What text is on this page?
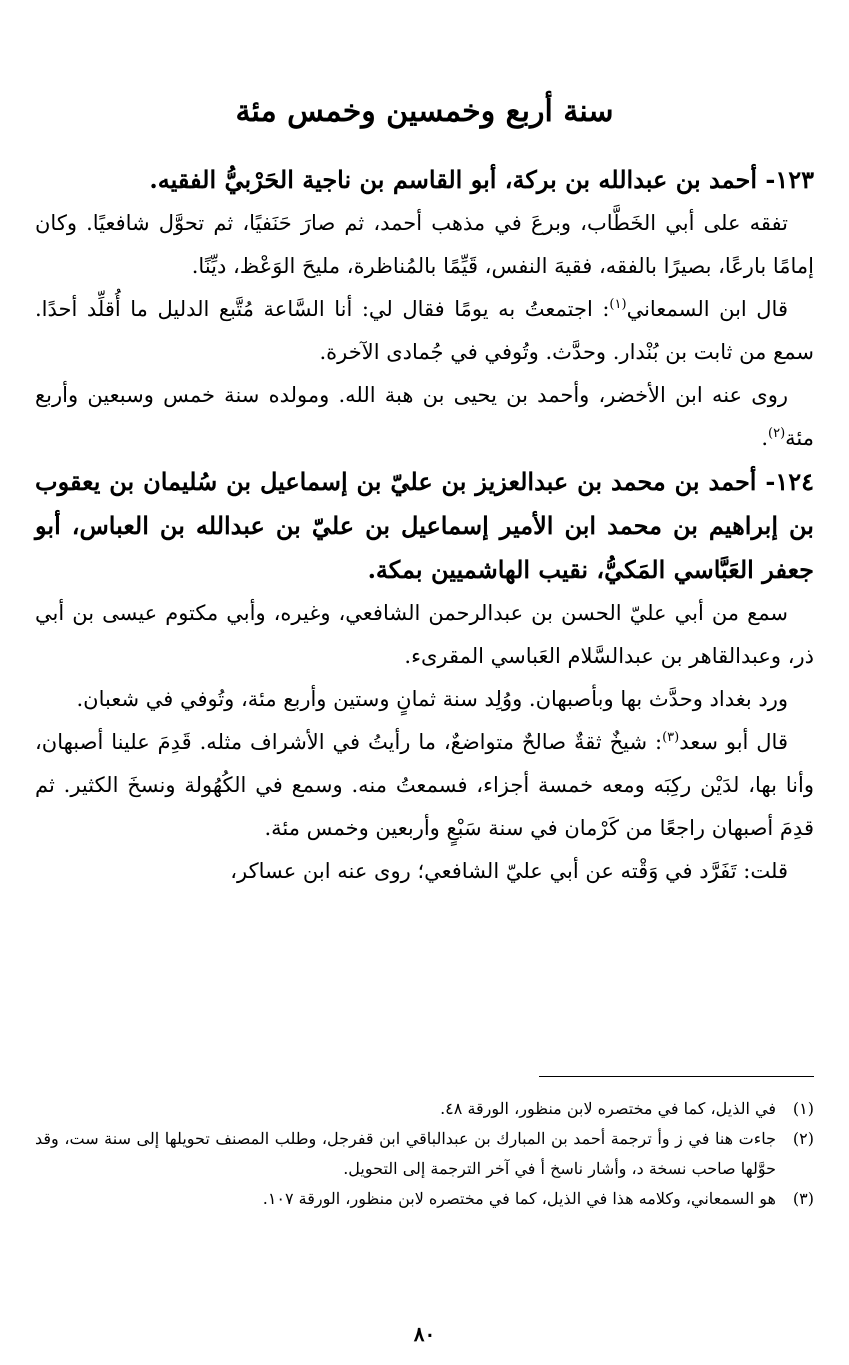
سنة أربع وخمسين وخمس مئة

١٢٣- أحمد بن عبدالله بن بركة، أبو القاسم بن ناجية الحَرْبيُّ الفقيه.

تفقه على أبي الخَطَّاب، وبرعَ في مذهب أحمد، ثم صارَ حَنَفيًا، ثم تحوَّل شافعيًا. وكان إمامًا بارعًا، بصيرًا بالفقه، فقيهَ النفس، قَيِّمًا بالمُناظرة، مليحَ الوَعْظ، ديِّنًا.

قال ابن السمعاني$^{(١)}$: اجتمعتُ به يومًا فقال لي: أنا السَّاعة مُتَّبع الدليل ما أُقلِّد أحدًا. سمع من ثابت بن بُنْدار. وحدَّث. وتُوفي في جُمادى الآخرة.

روى عنه ابن الأخضر، وأحمد بن يحيى بن هبة الله. ومولده سنة خمس وسبعين وأربع مئة$^{(٢)}$.

١٢٤- أحمد بن محمد بن عبدالعزيز بن عليّ بن إسماعيل بن سُليمان بن يعقوب بن إبراهيم بن محمد ابن الأمير إسماعيل بن عليّ بن عبدالله بن العباس، أبو جعفر العَبَّاسي المَكيُّ، نقيب الهاشميين بمكة.

سمع من أبي عليّ الحسن بن عبدالرحمن الشافعي، وغيره، وأبي مكتوم عيسى بن أبي ذر، وعبدالقاهر بن عبدالسَّلام العَباسي المقرىء.

ورد بغداد وحدَّث بها وبأصبهان. ووُلِد سنة ثمانٍ وستين وأربع مئة، وتُوفي في شعبان.

قال أبو سعد$^{(٣)}$: شيخٌ ثقةٌ صالحٌ متواضعٌ، ما رأيتُ في الأشراف مثله. قَدِمَ علينا أصبهان، وأنا بها، لدَيْن ركِبَه ومعه خمسة أجزاء، فسمعتُ منه. وسمع في الكُهُولة ونسخَ الكثير. ثم قدِمَ أصبهان راجعًا من كَرْمان في سنة سَبْعٍ وأربعين وخمس مئة.

قلت: تَفَرَّد في وَقْته عن أبي عليّ الشافعي؛ روى عنه ابن عساكر،

(١)
في الذيل، كما في مختصره لابن منظور، الورقة ٤٨.

(٢)
جاءت هنا في ز وأ ترجمة أحمد بن المبارك بن عبدالباقي ابن قفرجل، وطلب المصنف تحويلها إلى سنة ست، وقد حوَّلها صاحب نسخة د، وأشار ناسخ أ في آخر الترجمة إلى التحويل.

(٣)
هو السمعاني، وكلامه هذا في الذيل، كما في مختصره لابن منظور، الورقة ١٠٧.

٨٠
